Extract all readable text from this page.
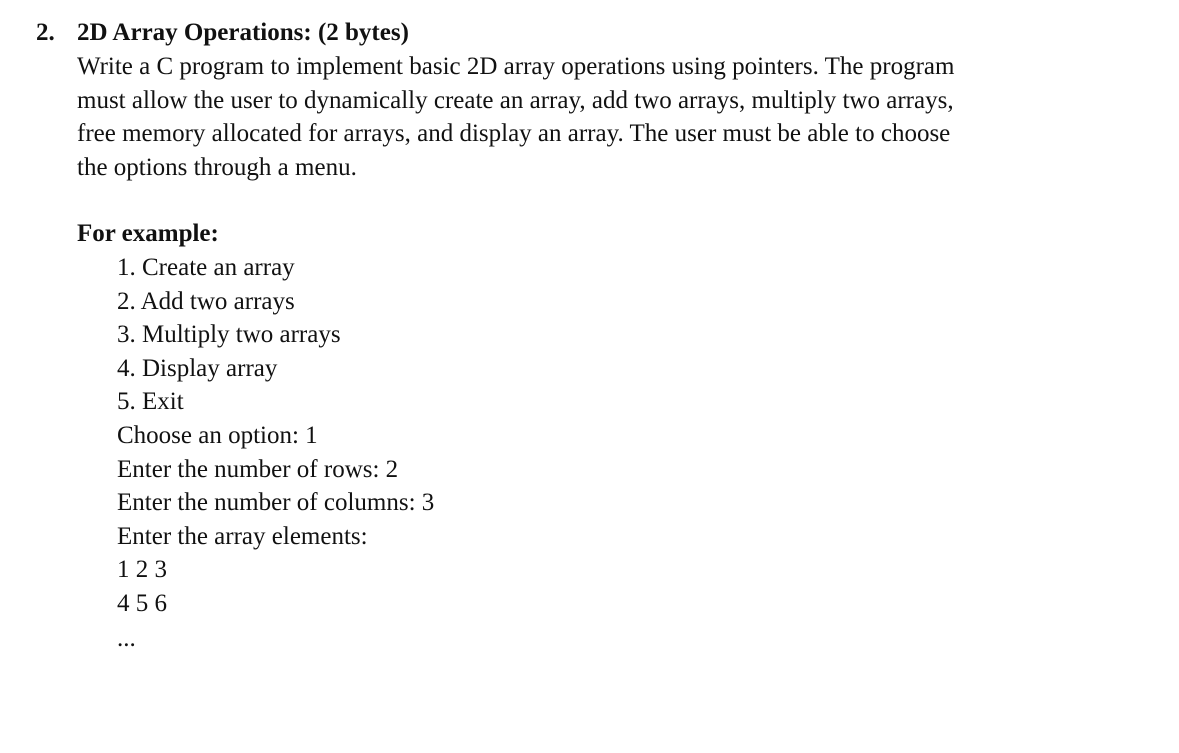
2. 2D Array Operations: (2 bytes)
Write a C program to implement basic 2D array operations using pointers. The program
must allow the user to dynamically create an array, add two arrays, multiply two arrays,
free memory allocated for arrays, and display an array. The user must be able to choose
the options through a menu.
For example:
1. Create an array
2. Add two arrays
3. Multiply two arrays
4. Display array
5. Exit
Choose an option: 1
Enter the number of rows: 2
Enter the number of columns: 3
Enter the array elements:
1 2 3
4 5 6
...
